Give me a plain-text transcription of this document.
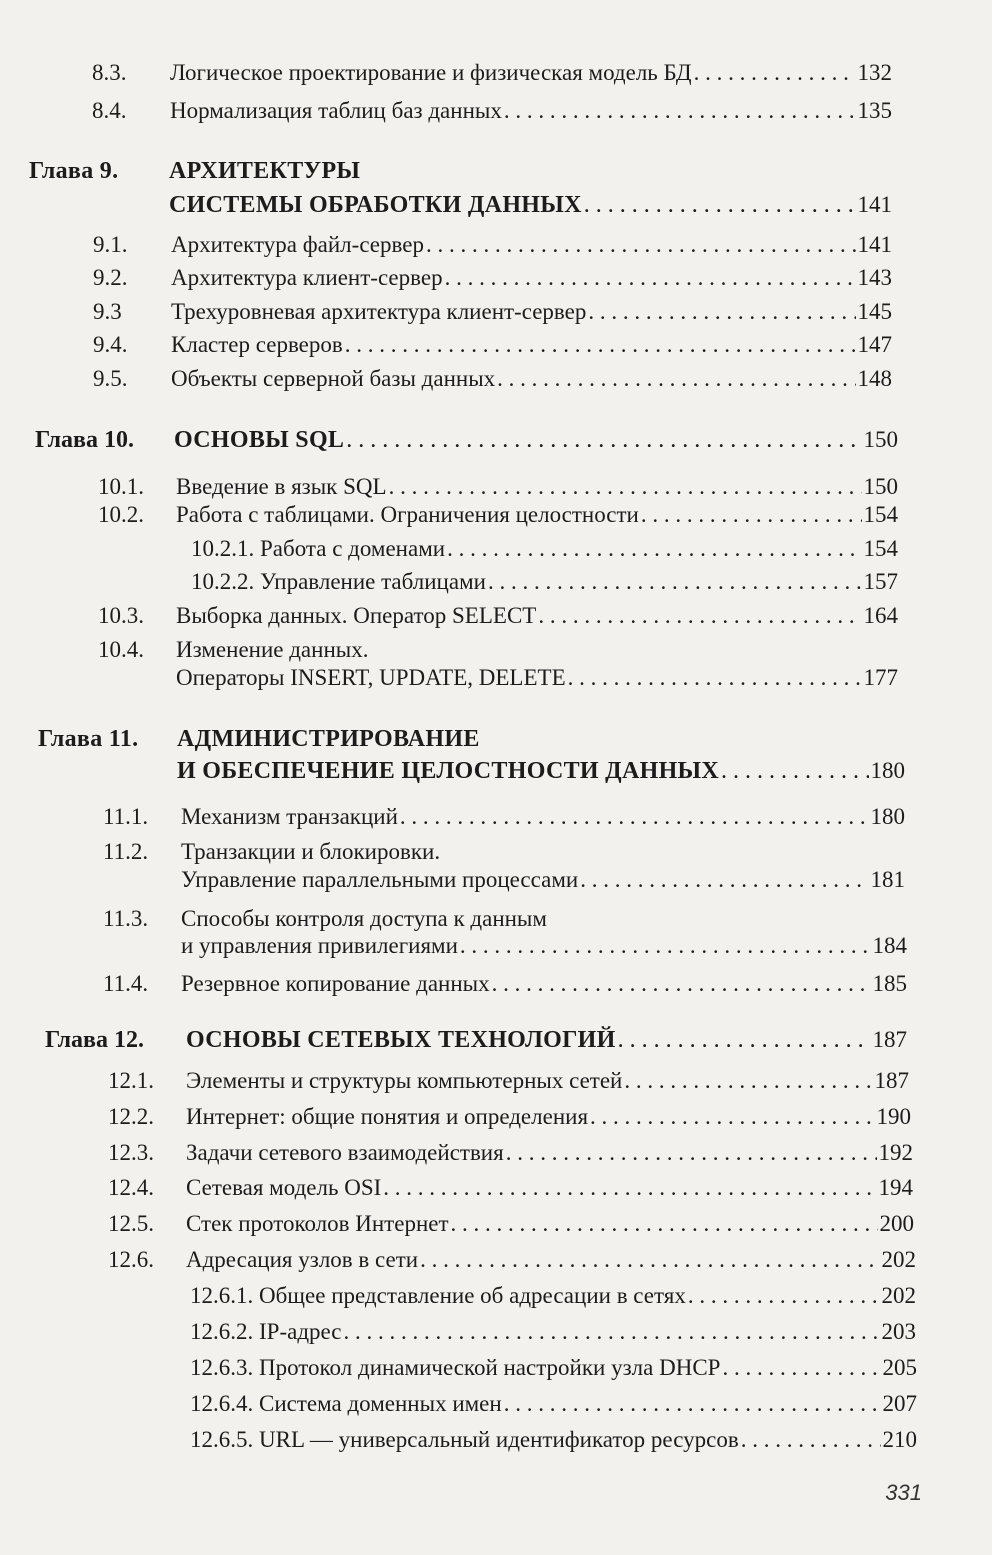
8.3.	Логическое проектирование и физическая модель БД . . .	132
8.4.	Нормализация таблиц баз данных . . .	135
Глава 9. АРХИТЕКТУРЫ
СИСТЕМЫ ОБРАБОТКИ ДАННЫХ . . .	141
9.1.	Архитектура файл-сервер . . .	141
9.2.	Архитектура клиент-сервер . . .	143
9.3	Трехуровневая архитектура клиент-сервер . . .	145
9.4.	Кластер серверов . . .	147
9.5.	Объекты серверной базы данных . . .	148
Глава 10.	ОСНОВЫ SQL . . .	150
10.1.	Введение в язык SQL . . .	150
10.2.	Работа с таблицами. Ограничения целостности . . .	154
10.2.1. Работа с доменами . . .	154
10.2.2. Управление таблицами . . .	157
10.3.	Выборка данных. Оператор SELECT . . .	164
10.4. Изменение данных.
Операторы INSERT, UPDATE, DELETE . . .	177
Глава 11. АДМИНИСТРИРОВАНИЕ
И ОБЕСПЕЧЕНИЕ ЦЕЛОСТНОСТИ ДАННЫХ . . .	180
11.1.	Механизм транзакций . . .	180
11.2. Транзакции и блокировки.
Управление параллельными процессами . . .	181
11.3. Способы контроля доступа к данным
и управления привилегиями . . .	184
11.4.	Резервное копирование данных . . .	185
Глава 12.	ОСНОВЫ СЕТЕВЫХ ТЕХНОЛОГИЙ . . .	187
12.1.	Элементы и структуры компьютерных сетей . . .	187
12.2.	Интернет: общие понятия и определения . . .	190
12.3.	Задачи сетевого взаимодействия . . .	192
12.4.	Сетевая модель OSI . . .	194
12.5.	Стек протоколов Интернет . . .	200
12.6.	Адресация узлов в сети . . .	202
12.6.1. Общее представление об адресации в сетях . . .	202
12.6.2. IP-адрес . . .	203
12.6.3. Протокол динамической настройки узла DHCP . . .	205
12.6.4. Система доменных имен . . .	207
12.6.5. URL — универсальный идентификатор ресурсов . . .	210
331
